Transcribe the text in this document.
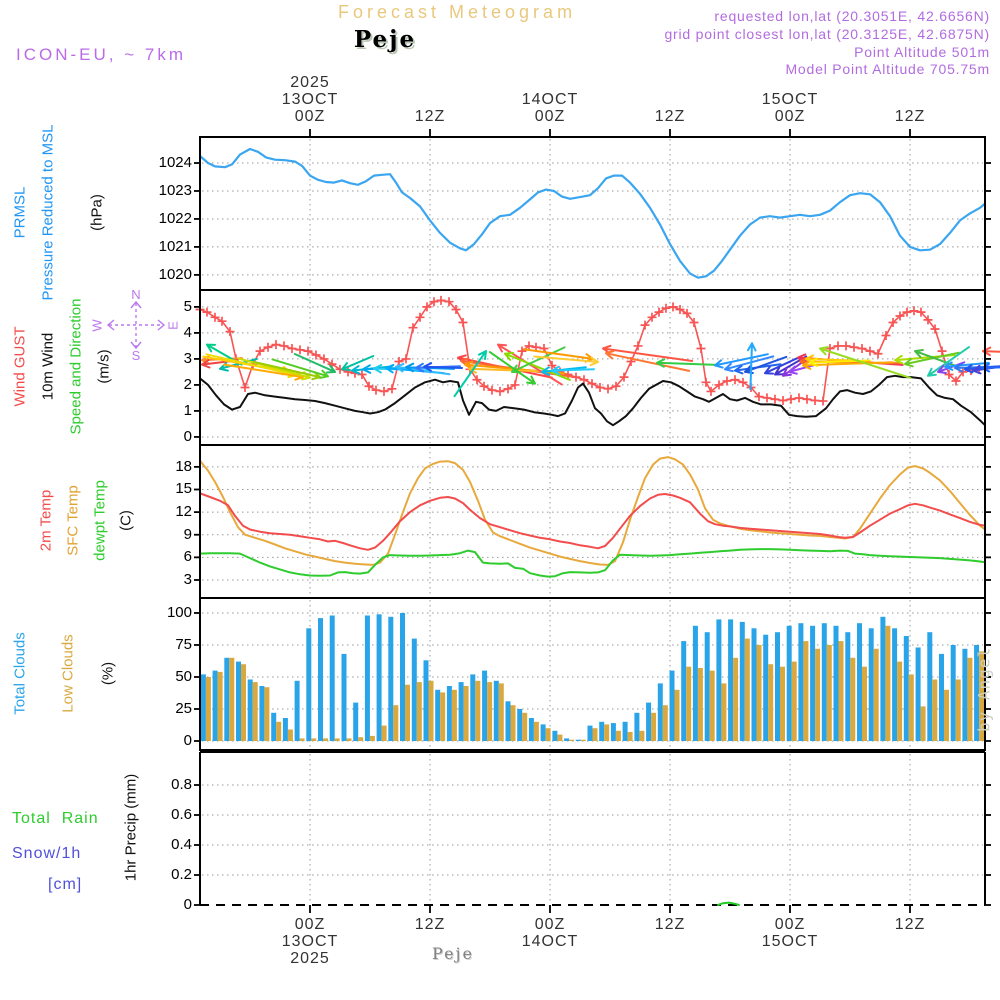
Forecast Meteogram
Peje
requested lon,lat (20.3051E, 42.6656N)
grid point closest lon,lat (20.3125E, 42.6875N)
Point Altitude 501m
Model Point Altitude 705.75m
ICON-EU, ~ 7km
PRMSL Pressure Reduced to MSL (hPa)
Wind GUST 10m Wind Speed and Direction (m/s)
N
S
W	E
2m Temp SFC Temp dewpt Temp (C)
Total Clouds Low Clouds (%)
Total  Rain
Snow/1h
[cm]
1hr Precip (mm)
by Angel
Peje
2025
13OCT
00Z
00Z
13OCT
2025
12Z
12Z
14OCT
00Z
00Z
14OCT
12Z
12Z
15OCT
00Z
00Z
15OCT
12Z
12Z
1024
1023
1022
1021
1020
5
4
3
2
1
0
18
15
12
9
6
3
100
75
50
25
0
0.8
0.6
0.4
0.2
0
